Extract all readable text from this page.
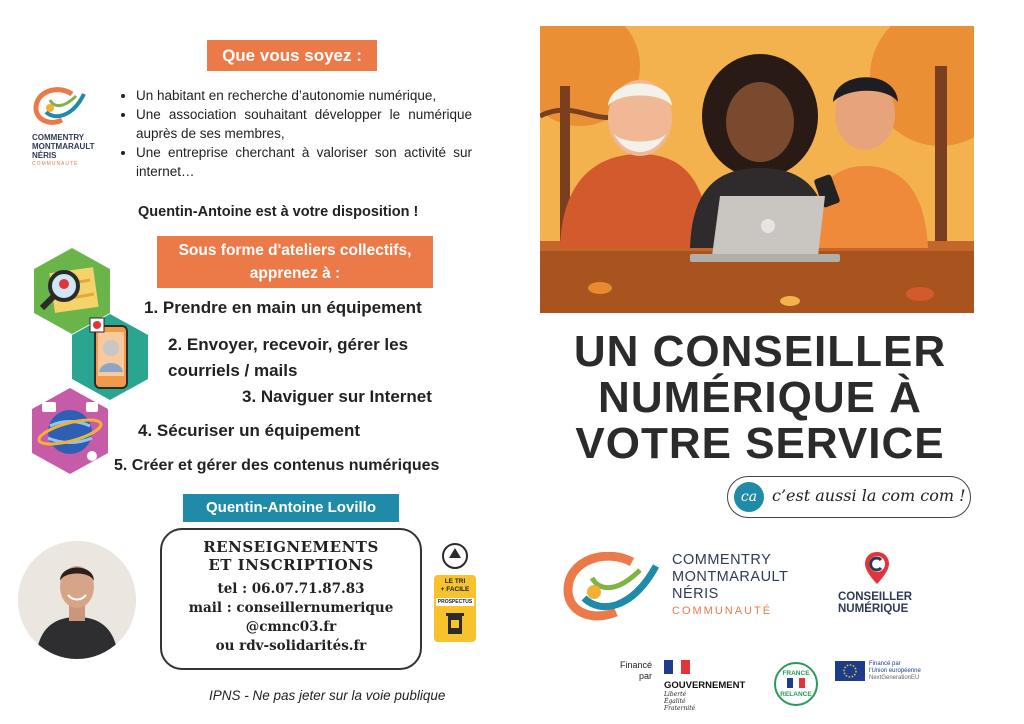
Que vous soyez :
COMMENTRY
MONTMARAULT
NÉRIS
COMMUNAUTÉ
• Un habitant en recherche d’autonomie numérique,
• Une association souhaitant développer le numérique auprès de ses membres,
• Une entreprise cherchant à valoriser son activité sur internet…
Quentin-Antoine est à votre disposition !
Sous forme d'ateliers collectifs,
apprenez à :
1. Prendre en main un équipement
2. Envoyer, recevoir, gérer les
courriels / mails
3. Naviguer sur Internet
4. Sécuriser un équipement
5. Créer et gérer des contenus numériques
Quentin-Antoine Lovillo
RENSEIGNEMENTS
ET INSCRIPTIONS
tel : 06.07.71.87.83
mail : conseillernumerique
@cmnc03.fr
ou rdv-solidarités.fr
LE TRI
+ FACILE
PROSPECTUS
IPNS - Ne pas jeter sur la voie publique
UN CONSEILLER
NUMÉRIQUE À
VOTRE SERVICE
ca c’est aussi la com com !
COMMENTRY
MONTMARAULT
NÉRIS
COMMUNAUTÉ
CONSEILLER
NUMÉRIQUE
Financé
par
GOUVERNEMENT
Liberté
Égalité
Fraternité
FRANCE
RELANCE
Financé par
l'Union européenne
NextGenerationEU
